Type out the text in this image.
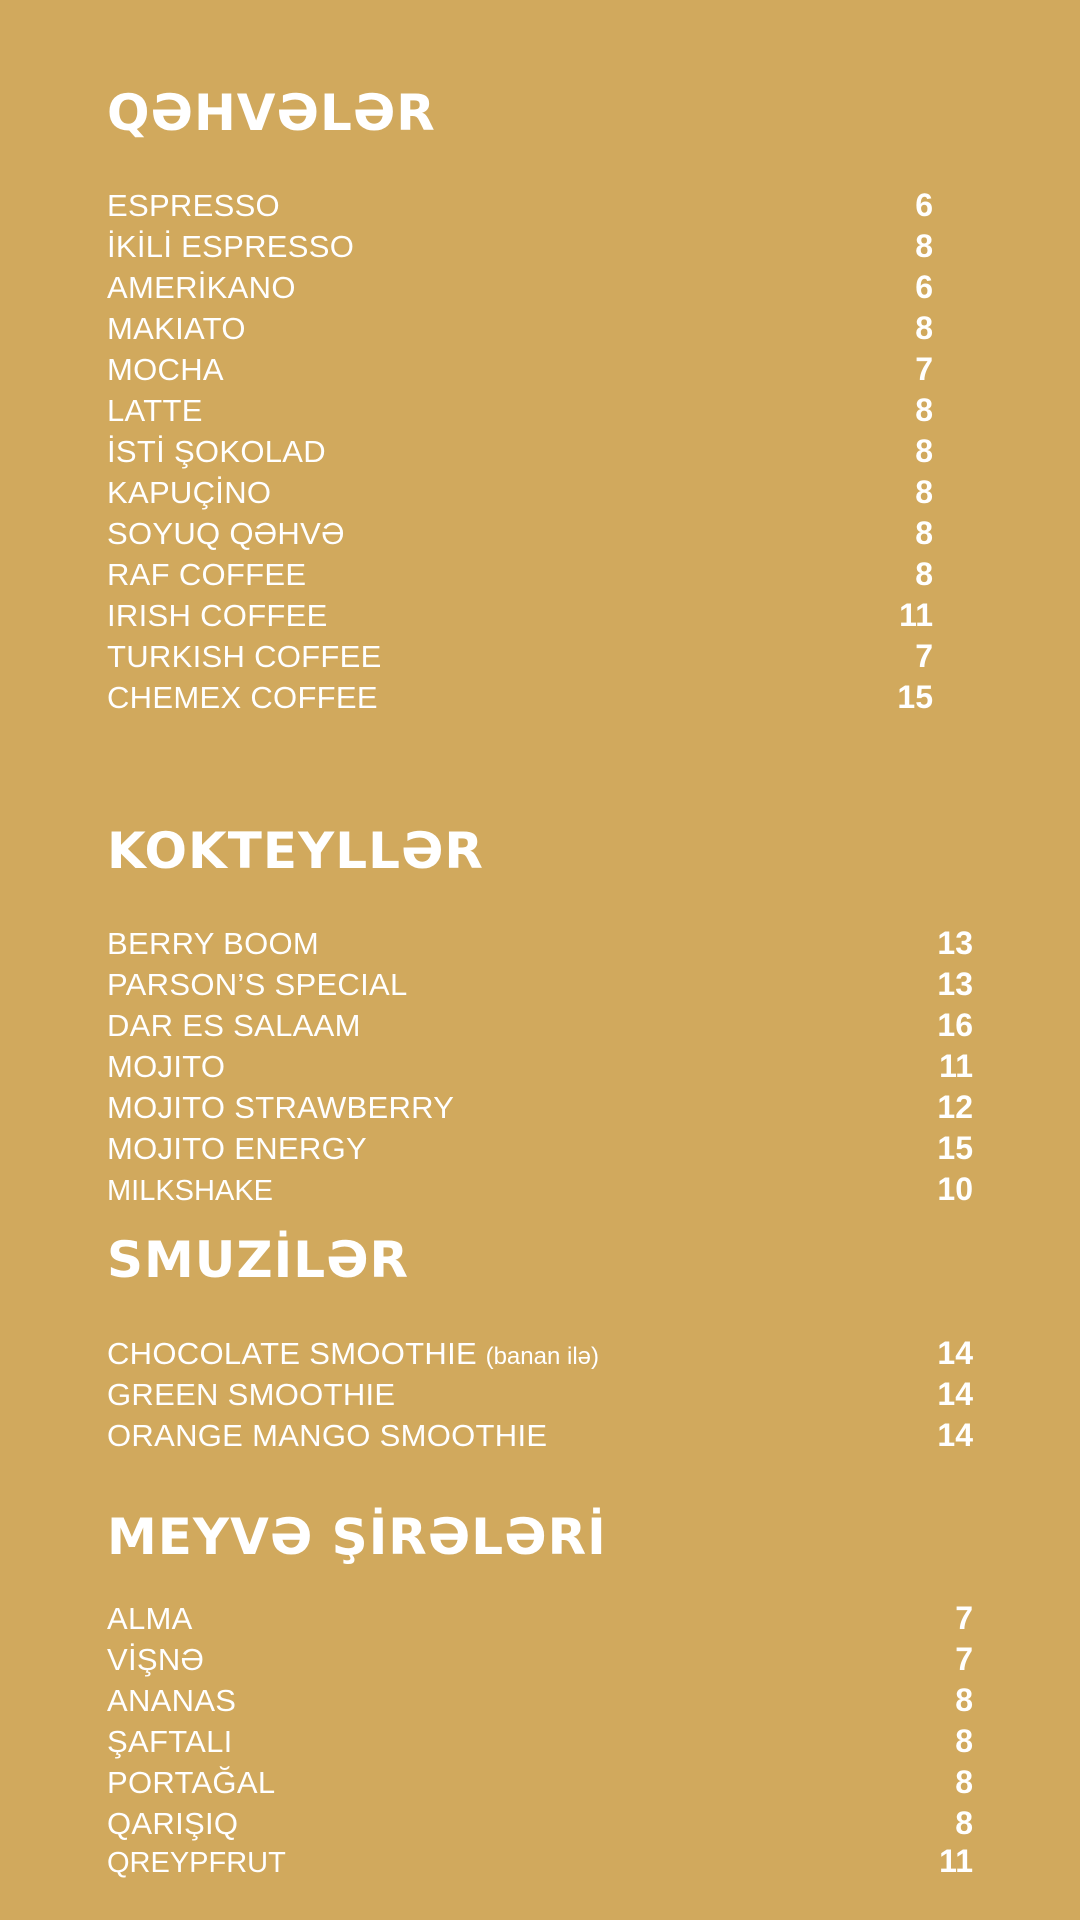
QƏHVƏLƏR
ESPRESSO	6
İKİLİ ESPRESSO	8
AMERİKANO	6
MAKIATO	8
MOCHA	7
LATTE	8
İSTİ ŞOKOLAD	8
KAPUÇİNO	8
SOYUQ QƏHVƏ	8
RAF COFFEE	8
IRISH COFFEE	11
TURKISH COFFEE	7
CHEMEX COFFEE	15
KOKTEYLLƏR
BERRY BOOM	13
PARSON’S SPECIAL	13
DAR ES SALAAM	16
MOJITO	11
MOJITO STRAWBERRY	12
MOJITO ENERGY	15
MILKSHAKE	10
SMUZİLƏR
CHOCOLATE SMOOTHIE (banan ilə)	14
GREEN SMOOTHIE	14
ORANGE MANGO SMOOTHIE	14
MEYVƏ ŞİRƏLƏRİ
ALMA	7
VİŞNƏ	7
ANANAS	8
ŞAFTALI	8
PORTAĞAL	8
QARIŞIQ	8
QREYPFRUT	11
